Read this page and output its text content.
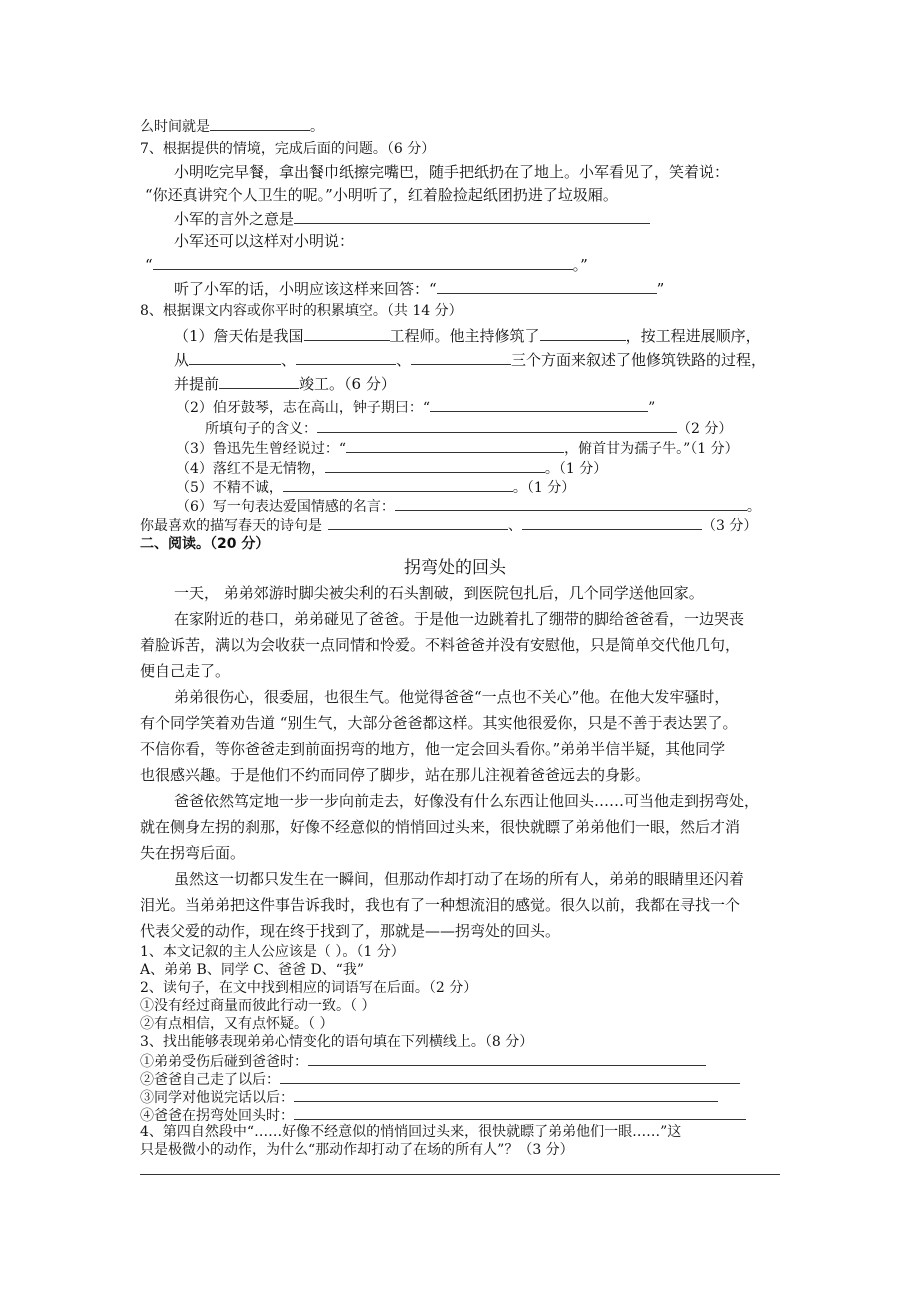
么时间就是	。
7、根据提供的情境，完成后面的问题。（6 分）
小明吃完早餐，拿出餐巾纸擦完嘴巴，随手把纸扔在了地上。小军看见了，笑着说：
“你还真讲究个人卫生的呢。”小明听了，红着脸捡起纸团扔进了垃圾厢。
小军的言外之意是
小军还可以这样对小明说：
“	。”
听了小军的话，小明应该这样来回答：“	”
8、根据课文内容或你平时的积累填空。（共 14 分）
（1）詹天佑是我国	工程师。他主持修筑了	，按工程进展顺序，
从	、	、	三个方面来叙述了他修筑铁路的过程，
并提前	竣工。（6 分）
（2）伯牙鼓琴，志在高山，钟子期曰：“	”
所填句子的含义：	（2 分）
（3）鲁迅先生曾经说过：“	，俯首甘为孺子牛。”（1 分）
（4）落红不是无情物，	。（1 分）
（5）不精不诚，	。（1 分）
（6）写一句表达爱国情感的名言：	。
你最喜欢的描写春天的诗句是	、	（3 分）
二、阅读。（20 分）
拐弯处的回头
一天， 弟弟郊游时脚尖被尖利的石头割破，到医院包扎后，几个同学送他回家。
在家附近的巷口，弟弟碰见了爸爸。于是他一边跳着扎了绷带的脚给爸爸看，一边哭丧
着脸诉苦，满以为会收获一点同情和怜爱。不料爸爸并没有安慰他，只是简单交代他几句，
便自己走了。
弟弟很伤心，很委屈，也很生气。他觉得爸爸“一点也不关心”他。在他大发牢骚时，
有个同学笑着劝告道 “别生气，大部分爸爸都这样。其实他很爱你，只是不善于表达罢了。
不信你看，等你爸爸走到前面拐弯的地方，他一定会回头看你。”弟弟半信半疑，其他同学
也很感兴趣。于是他们不约而同停了脚步，站在那儿注视着爸爸远去的身影。
爸爸依然笃定地一步一步向前走去，好像没有什么东西让他回头……可当他走到拐弯处，
就在侧身左拐的刹那，好像不经意似的悄悄回过头来，很快就瞟了弟弟他们一眼，然后才消
失在拐弯后面。
虽然这一切都只发生在一瞬间，但那动作却打动了在场的所有人，弟弟的眼睛里还闪着
泪光。当弟弟把这件事告诉我时，我也有了一种想流泪的感觉。很久以前，我都在寻找一个
代表父爱的动作，现在终于找到了，那就是——拐弯处的回头。
1、本文记叙的主人公应该是（ ）。（1 分）
A、弟弟 B、同学 C、爸爸 D、“我”
2、读句子，在文中找到相应的词语写在后面。（2 分）
①没有经过商量而彼此行动一致。（ ）
②有点相信，又有点怀疑。（ ）
3、找出能够表现弟弟心情变化的语句填在下列横线上。（8 分）
①弟弟受伤后碰到爸爸时：
②爸爸自己走了以后：
③同学对他说完话以后：
④爸爸在拐弯处回头时：
4、第四自然段中“……好像不经意似的悄悄回过头来，很快就瞟了弟弟他们一眼……”这
只是极微小的动作，为什么“那动作却打动了在场的所有人”？（3 分）
